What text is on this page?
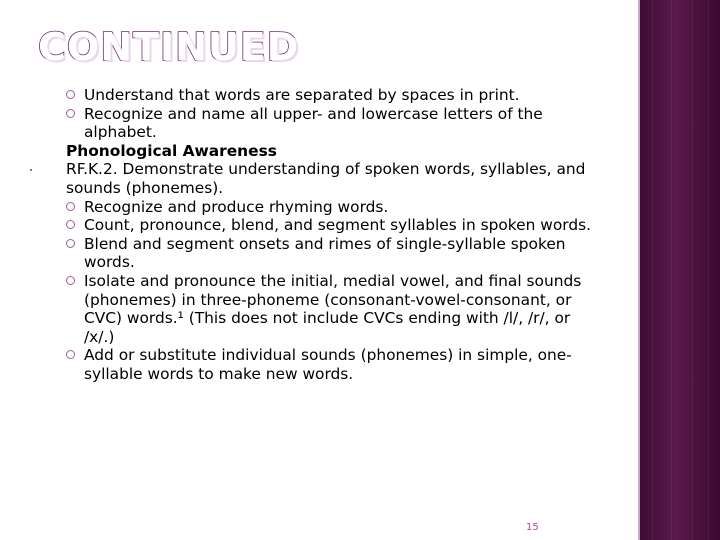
CONTINUED
Understand that words are separated by spaces in print.
Recognize and name all upper- and lowercase letters of the alphabet.
Phonological Awareness
RF.K.2. Demonstrate understanding of spoken words, syllables, and sounds (phonemes).
Recognize and produce rhyming words.
Count, pronounce, blend, and segment syllables in spoken words.
Blend and segment onsets and rimes of single-syllable spoken words.
Isolate and pronounce the initial, medial vowel, and final sounds (phonemes) in three-phoneme (consonant-vowel-consonant, or CVC) words.¹ (This does not include CVCs ending with /l/, /r/, or /x/.)
Add or substitute individual sounds (phonemes) in simple, one-syllable words to make new words.
15
